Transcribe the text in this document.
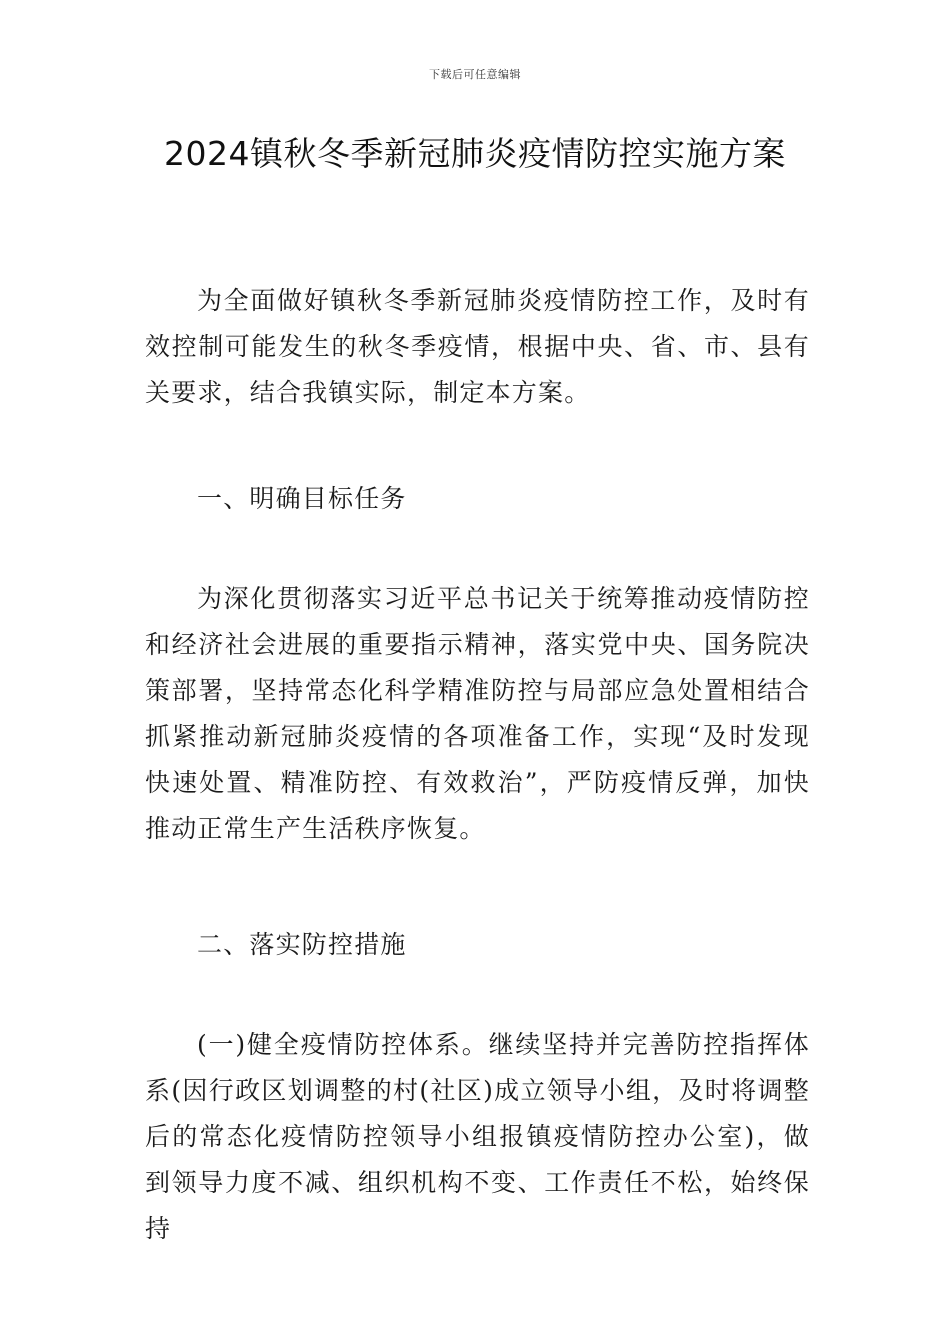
下载后可任意编辑
2024镇秋冬季新冠肺炎疫情防控实施方案

为全面做好镇秋冬季新冠肺炎疫情防控工作，及时有效控制可能发生的秋冬季疫情，根据中央、省、市、县有关要求，结合我镇实际，制定本方案。

一、明确目标任务

为深化贯彻落实习近平总书记关于统筹推动疫情防控和经济社会进展的重要指示精神，落实党中央、国务院决策部署，坚持常态化科学精准防控与局部应急处置相结合抓紧推动新冠肺炎疫情的各项准备工作，实现“及时发现快速处置、精准防控、有效救治”，严防疫情反弹，加快推动正常生产生活秩序恢复。

二、落实防控措施

(一)健全疫情防控体系。继续坚持并完善防控指挥体系(因行政区划调整的村(社区)成立领导小组，及时将调整后的常态化疫情防控领导小组报镇疫情防控办公室)，做到领导力度不减、组织机构不变、工作责任不松，始终保持
